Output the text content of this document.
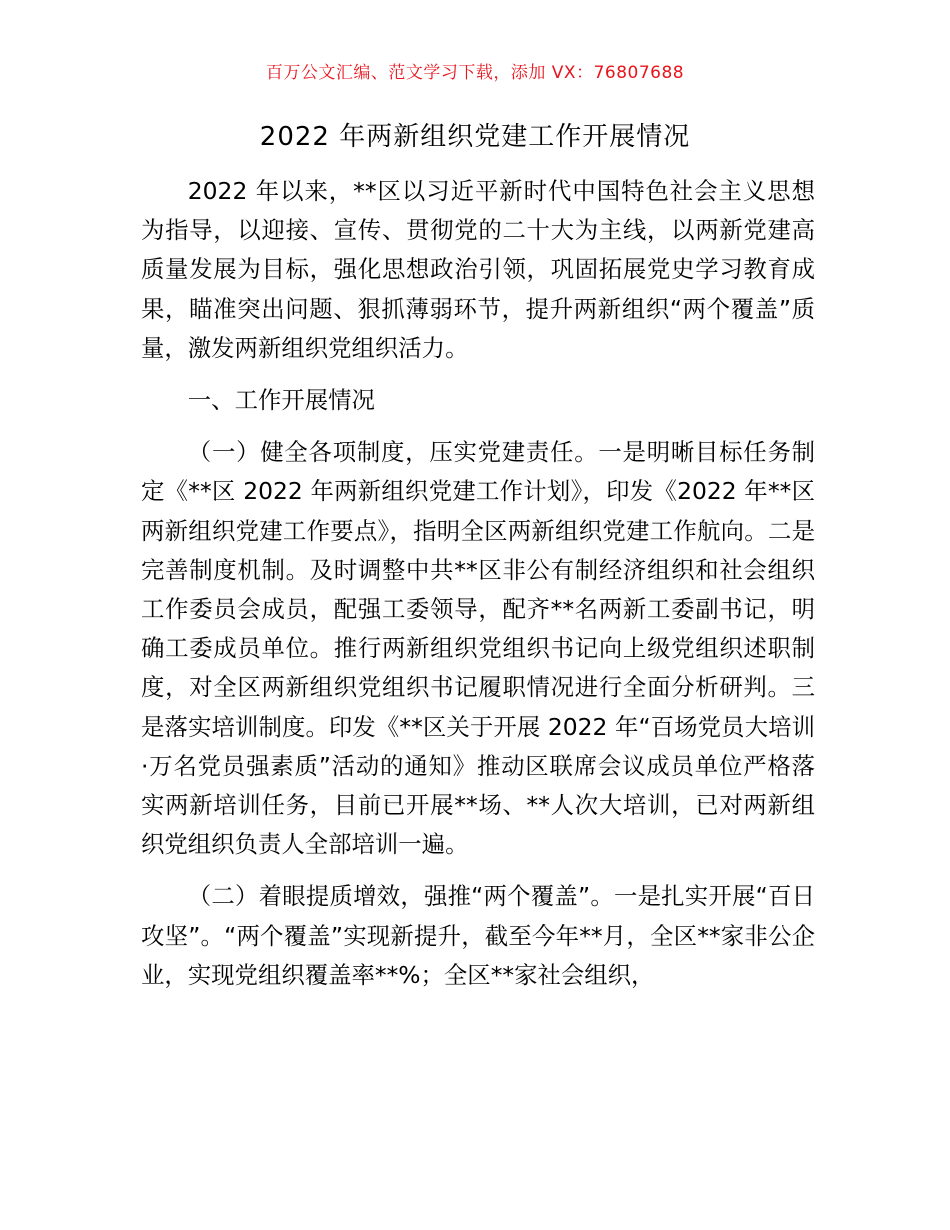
百万公文汇编、范文学习下载，添加 VX：76807688
2022 年两新组织党建工作开展情况

2022 年以来，**区以习近平新时代中国特色社会主义思想为指导，以迎接、宣传、贯彻党的二十大为主线，以两新党建高质量发展为目标，强化思想政治引领，巩固拓展党史学习教育成果，瞄准突出问题、狠抓薄弱环节，提升两新组织“两个覆盖”质量，激发两新组织党组织活力。

一、工作开展情况

（一）健全各项制度，压实党建责任。一是明晰目标任务制定《**区 2022 年两新组织党建工作计划》，印发《2022 年**区两新组织党建工作要点》，指明全区两新组织党建工作航向。二是完善制度机制。及时调整中共**区非公有制经济组织和社会组织工作委员会成员，配强工委领导，配齐**名两新工委副书记，明确工委成员单位。推行两新组织党组织书记向上级党组织述职制度，对全区两新组织党组织书记履职情况进行全面分析研判。三是落实培训制度。印发《**区关于开展 2022 年“百场党员大培训·万名党员强素质”活动的通知》推动区联席会议成员单位严格落实两新培训任务，目前已开展**场、**人次大培训，已对两新组织党组织负责人全部培训一遍。

（二）着眼提质增效，强推“两个覆盖”。一是扎实开展“百日攻坚”。“两个覆盖”实现新提升，截至今年**月，全区**家非公企业，实现党组织覆盖率**%；全区**家社会组织，
